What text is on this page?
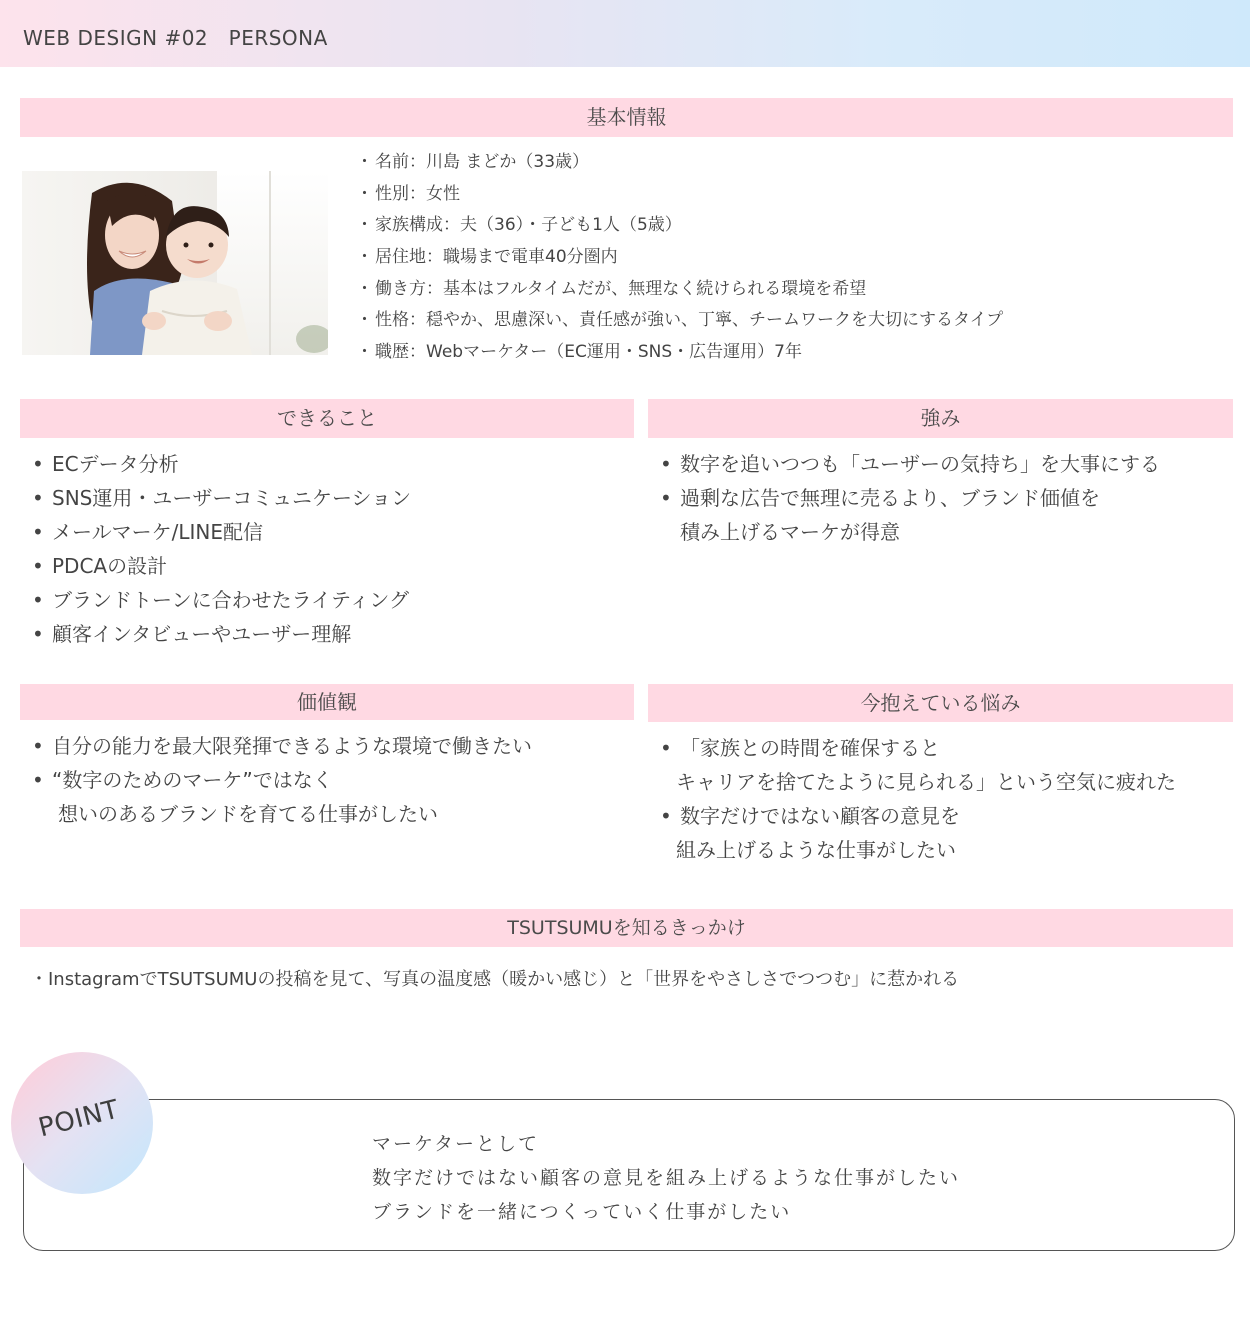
WEB DESIGN #02　PERSONA
基本情報
・ 名前：川島 まどか（33歳）
・ 性別：女性
・ 家族構成：夫（36）・子ども1人（5歳）
・ 居住地：職場まで電車40分圏内
・ 働き方：基本はフルタイムだが、無理なく続けられる環境を希望
・ 性格：穏やか、思慮深い、責任感が強い、丁寧、チームワークを大切にするタイプ
・ 職歴：Webマーケター（EC運用・SNS・広告運用）7年
できること
• ECデータ分析
• SNS運用・ユーザーコミュニケーション
• メールマーケ/LINE配信
• PDCAの設計
• ブランドトーンに合わせたライティング
• 顧客インタビューやユーザー理解
強み
• 数字を追いつつも「ユーザーの気持ち」を大事にする
• 過剰な広告で無理に売るより、ブランド価値を
積み上げるマーケが得意
価値観
• 自分の能力を最大限発揮できるような環境で働きたい
• “数字のためのマーケ”ではなく
想いのあるブランドを育てる仕事がしたい
今抱えている悩み
• 「家族との時間を確保すると
キャリアを捨てたように見られる」という空気に疲れた
• 数字だけではない顧客の意見を
組み上げるような仕事がしたい
TSUTSUMUを知るきっかけ
・InstagramでTSUTSUMUの投稿を見て、写真の温度感（暖かい感じ）と「世界をやさしさでつつむ」に惹かれる
POINT
マーケターとして
数字だけではない顧客の意見を組み上げるような仕事がしたい
ブランドを一緒につくっていく仕事がしたい
